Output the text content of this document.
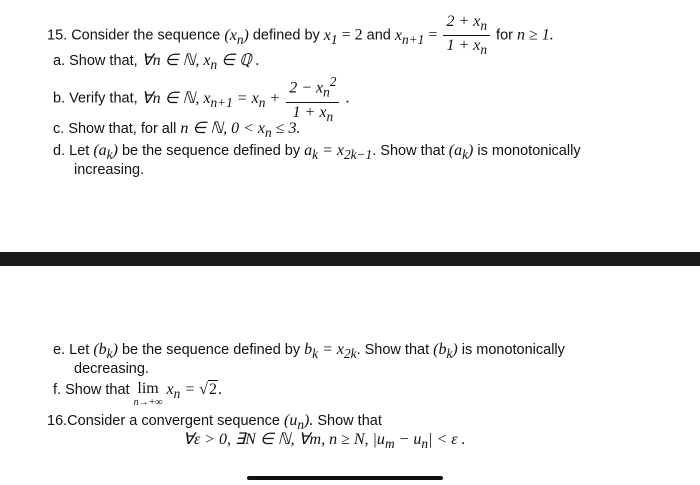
15. Consider the sequence $(x_n)$ defined by $x_1 = 2$ and $x_{n+1} = \frac{2 + x_n}{1 + x_n}$ for n ≥ 1.
a. Show that, ∀n ∈ ℕ, $x_n$ ∈ ℚ .
b. Verify that, ∀n ∈ ℕ, $x_{n+1} = x_n + \frac{2 - x_n^2}{1 + x_n}$ .
c. Show that, for all n ∈ ℕ, $0 < x_n \le 3$.
d. Let $(a_k)$ be the sequence defined by $a_k = x_{2k-1}$. Show that $(a_k)$ is monotonically
increasing.
e. Let $(b_k)$ be the sequence defined by $b_k = x_{2k}$. Show that $(b_k)$ is monotonically
decreasing.
f. Show that lim
n→+∞
$x_n = √2$.
16.Consider a convergent sequence $(u_n)$. Show that
∀ε > 0, ∃N ∈ ℕ, ∀m, n ≥ N, $|u_m - u_n| < \varepsilon$ .
